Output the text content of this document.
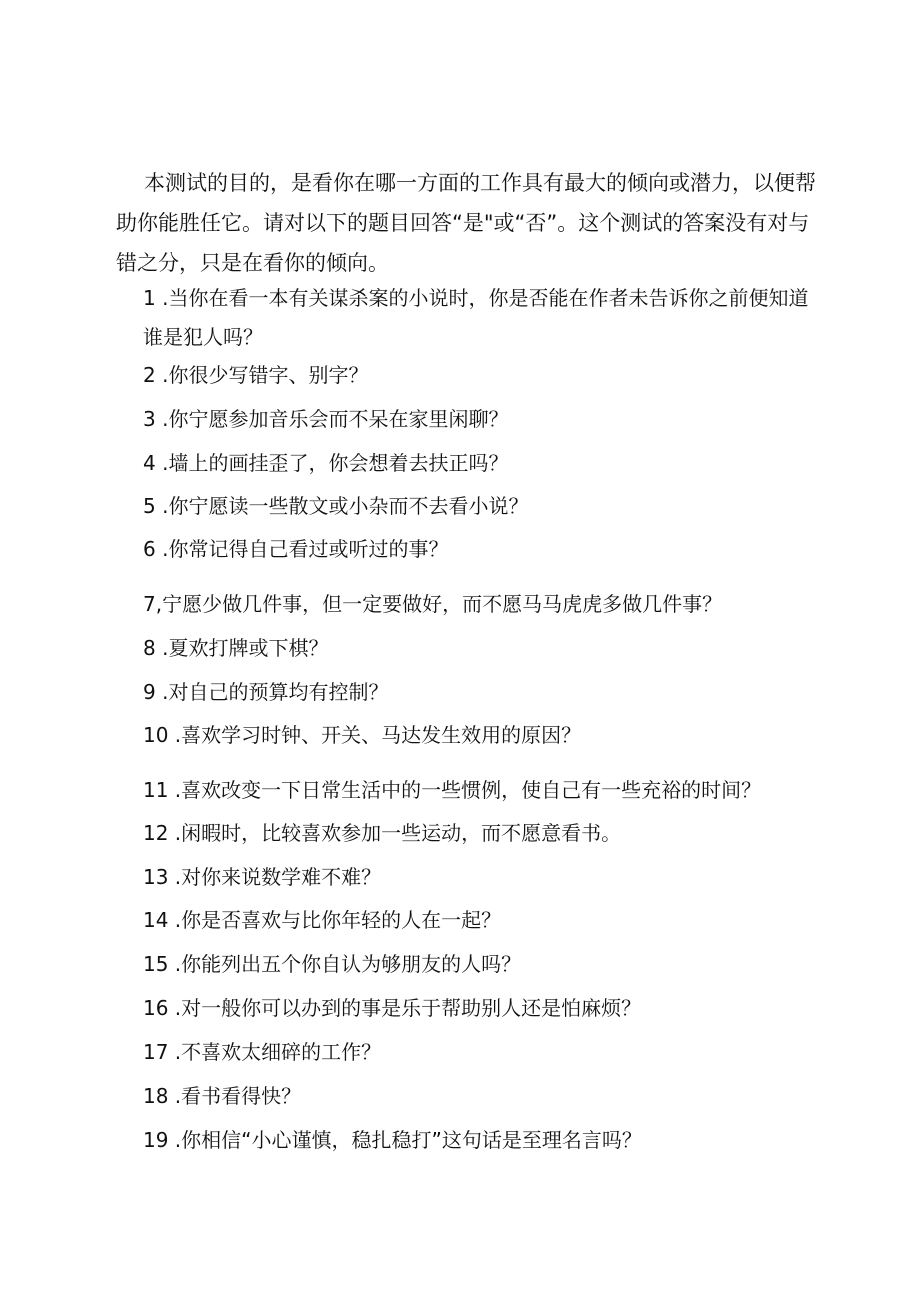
本测试的目的，是看你在哪一方面的工作具有最大的倾向或潜力，以便帮助你能胜任它。请对以下的题目回答“是"或“否”。这个测试的答案没有对与错之分，只是在看你的倾向。

1 .当你在看一本有关谋杀案的小说时，你是否能在作者未告诉你之前便知道谁是犯人吗？

2 .你很少写错字、别字？

3 .你宁愿参加音乐会而不呆在家里闲聊？

4 .墙上的画挂歪了，你会想着去扶正吗？

5 .你宁愿读一些散文或小杂而不去看小说？

6 .你常记得自己看过或听过的事？

7,宁愿少做几件事，但一定要做好，而不愿马马虎虎多做几件事？

8 .夏欢打牌或下棋？

9 .对自己的预算均有控制？

10 .喜欢学习时钟、开关、马达发生效用的原因？

11 .喜欢改变一下日常生活中的一些惯例，使自己有一些充裕的时间？

12 .闲暇时，比较喜欢参加一些运动，而不愿意看书。

13 .对你来说数学难不难？

14 .你是否喜欢与比你年轻的人在一起？

15 .你能列出五个你自认为够朋友的人吗？

16 .对一般你可以办到的事是乐于帮助别人还是怕麻烦？

17 .不喜欢太细碎的工作？

18 .看书看得快？

19 .你相信“小心谨慎，稳扎稳打”这句话是至理名言吗？
